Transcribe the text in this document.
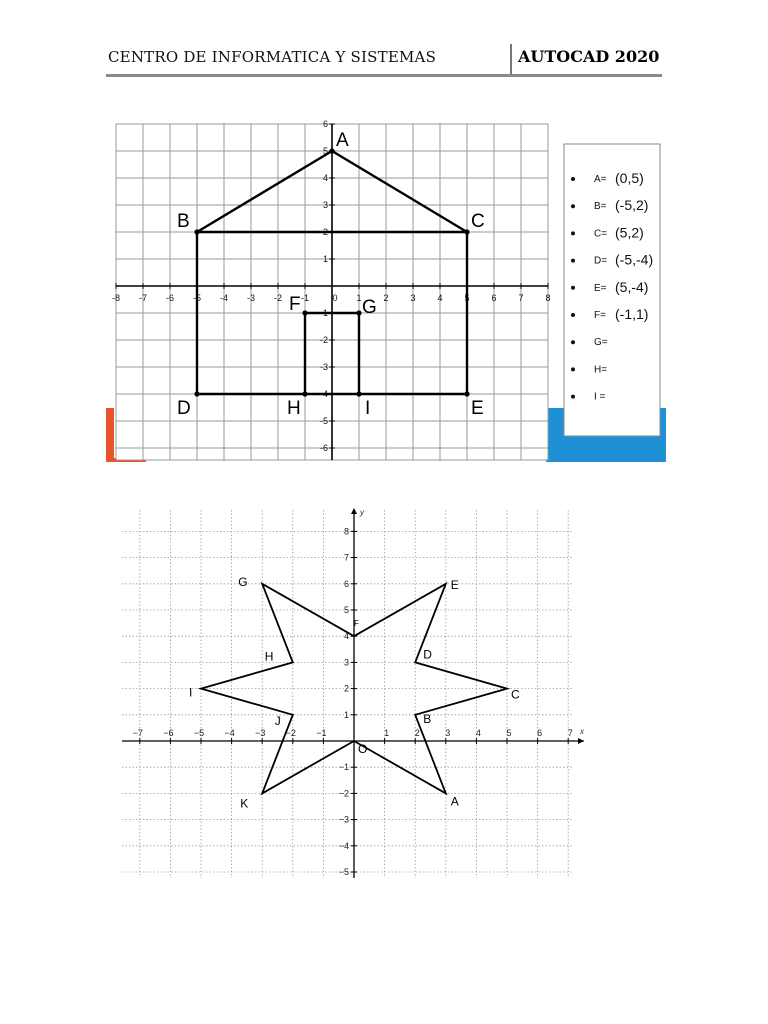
CENTRO DE INFORMATICA Y SISTEMAS	AUTOCAD 2020
-8 -7 -6 -5 -4 -3 -2 -1	0 1 2 3 4 5 6 7 8
6
5
4
3
2
1
-1
-2
-3
-4
-5
-6
A
B	C
D	E
F	G
H	I
A= (0,5)
B= (-5,2)
C= (5,2)
D= (-5,-4)
E= (5,-4)
F= (-1,1)
G=
H=
I =
x
y
−7 −6 −5 −4 −3 −2 −1	1	2	3	4	5	6	7
8
7
6
5
4
3
2
1
−1
−2
−3
−4
−5
O
A
B
C
D
E
F
G
H
I
J
K
